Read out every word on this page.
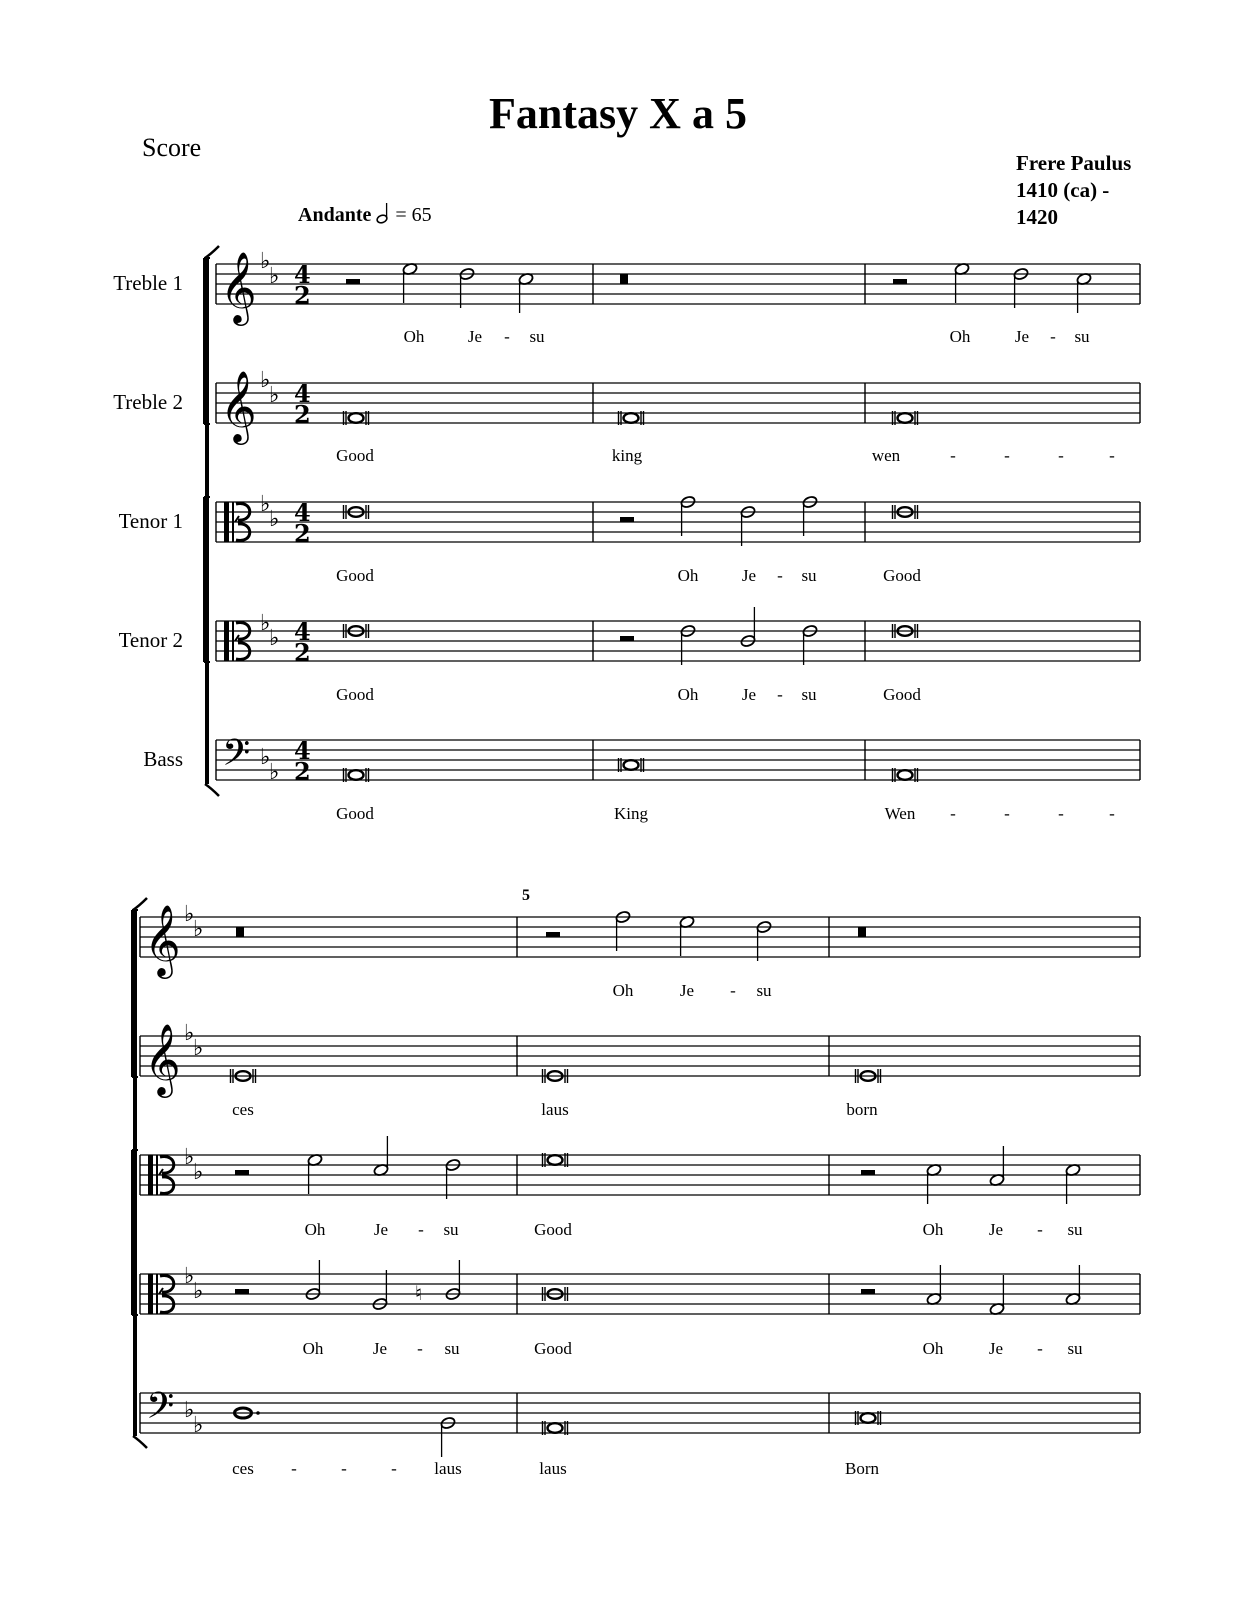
Fantasy X a 5
Score
Frere Paulus
1410 (ca) -
1420
Andante = 65
Treble 1
Treble 2
Tenor 1
Tenor 2
Bass
𝄞 ♭
♭ 4
2
𝄞 ♭
♭ 4
2
♭
♭ 4
2
♭
♭ 4
2
𝄢 ♭
♭
4
2
Oh	Je - su	Oh	Je - su
Good	king	wen	-	-	-	-
Good	Oh	Je - su	Good
Good	Oh	Je - su	Good
Good	King	Wen -	-	-	-
𝄞 ♭
♭
𝄞 ♭
♭
♭
♭
♭
♭
𝄢 ♭
♭
5
♮
Oh	Je - su
ces	laus	born
Oh	Je - su	Good	Oh	Je - su
Oh	Je - su	Good	Oh	Je - su
ces -	-	- laus	laus	Born
